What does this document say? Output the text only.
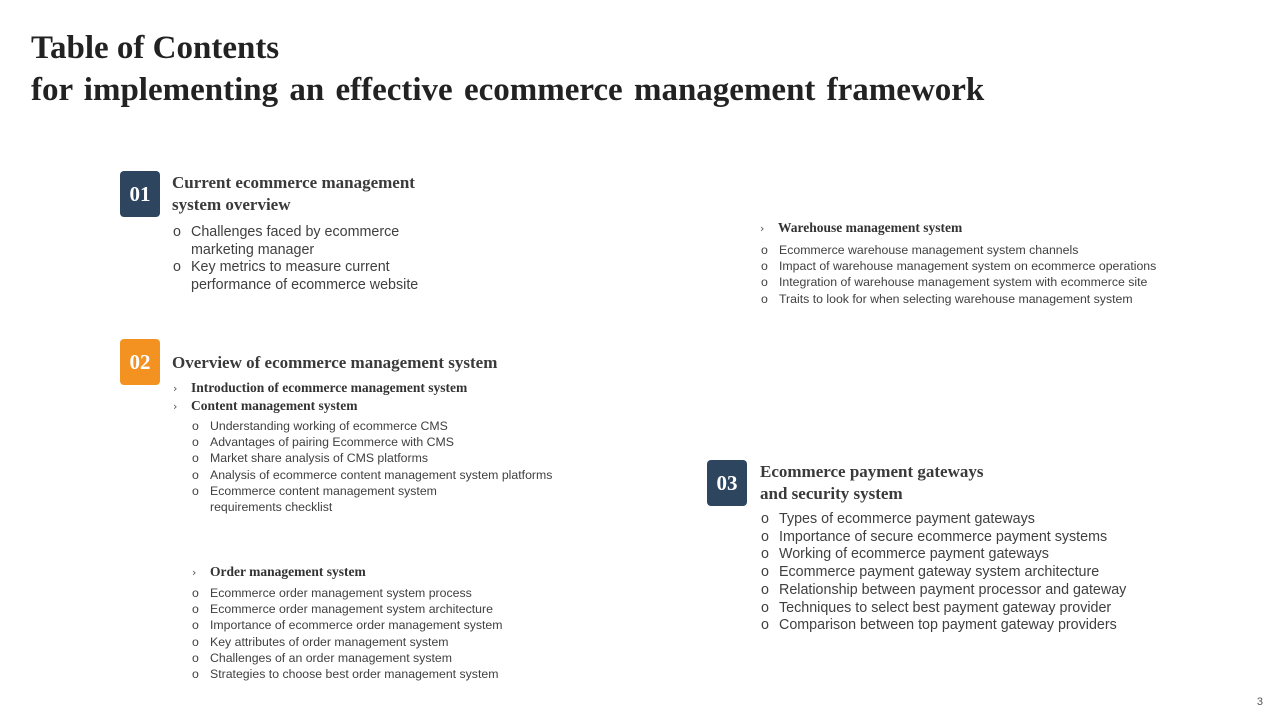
Table of Contents
for implementing an effective ecommerce management framework
01	Current ecommerce management
system overview
o Challenges faced by ecommerce
marketing manager
o Key metrics to measure current
performance of ecommerce website
› Warehouse management system
o Ecommerce warehouse management system channels
o Impact of warehouse management system on ecommerce operations
o Integration of warehouse management system with ecommerce site
o Traits to look for when selecting warehouse management system
02	Overview of ecommerce management system
› Introduction of ecommerce management system
› Content management system
o Understanding working of ecommerce CMS
o Advantages of pairing Ecommerce with CMS
o Market share analysis of CMS platforms
o Analysis of ecommerce content management system platforms
o Ecommerce content management system
requirements checklist
› Order management system
o Ecommerce order management system process
o Ecommerce order management system architecture
o Importance of ecommerce order management system
o Key attributes of order management system
o Challenges of an order management system
o Strategies to choose best order management system
03	Ecommerce payment gateways
and security system
o Types of ecommerce payment gateways
o Importance of secure ecommerce payment systems
o Working of ecommerce payment gateways
o Ecommerce payment gateway system architecture
o Relationship between payment processor and gateway
o Techniques to select best payment gateway provider
o Comparison between top payment gateway providers
3
